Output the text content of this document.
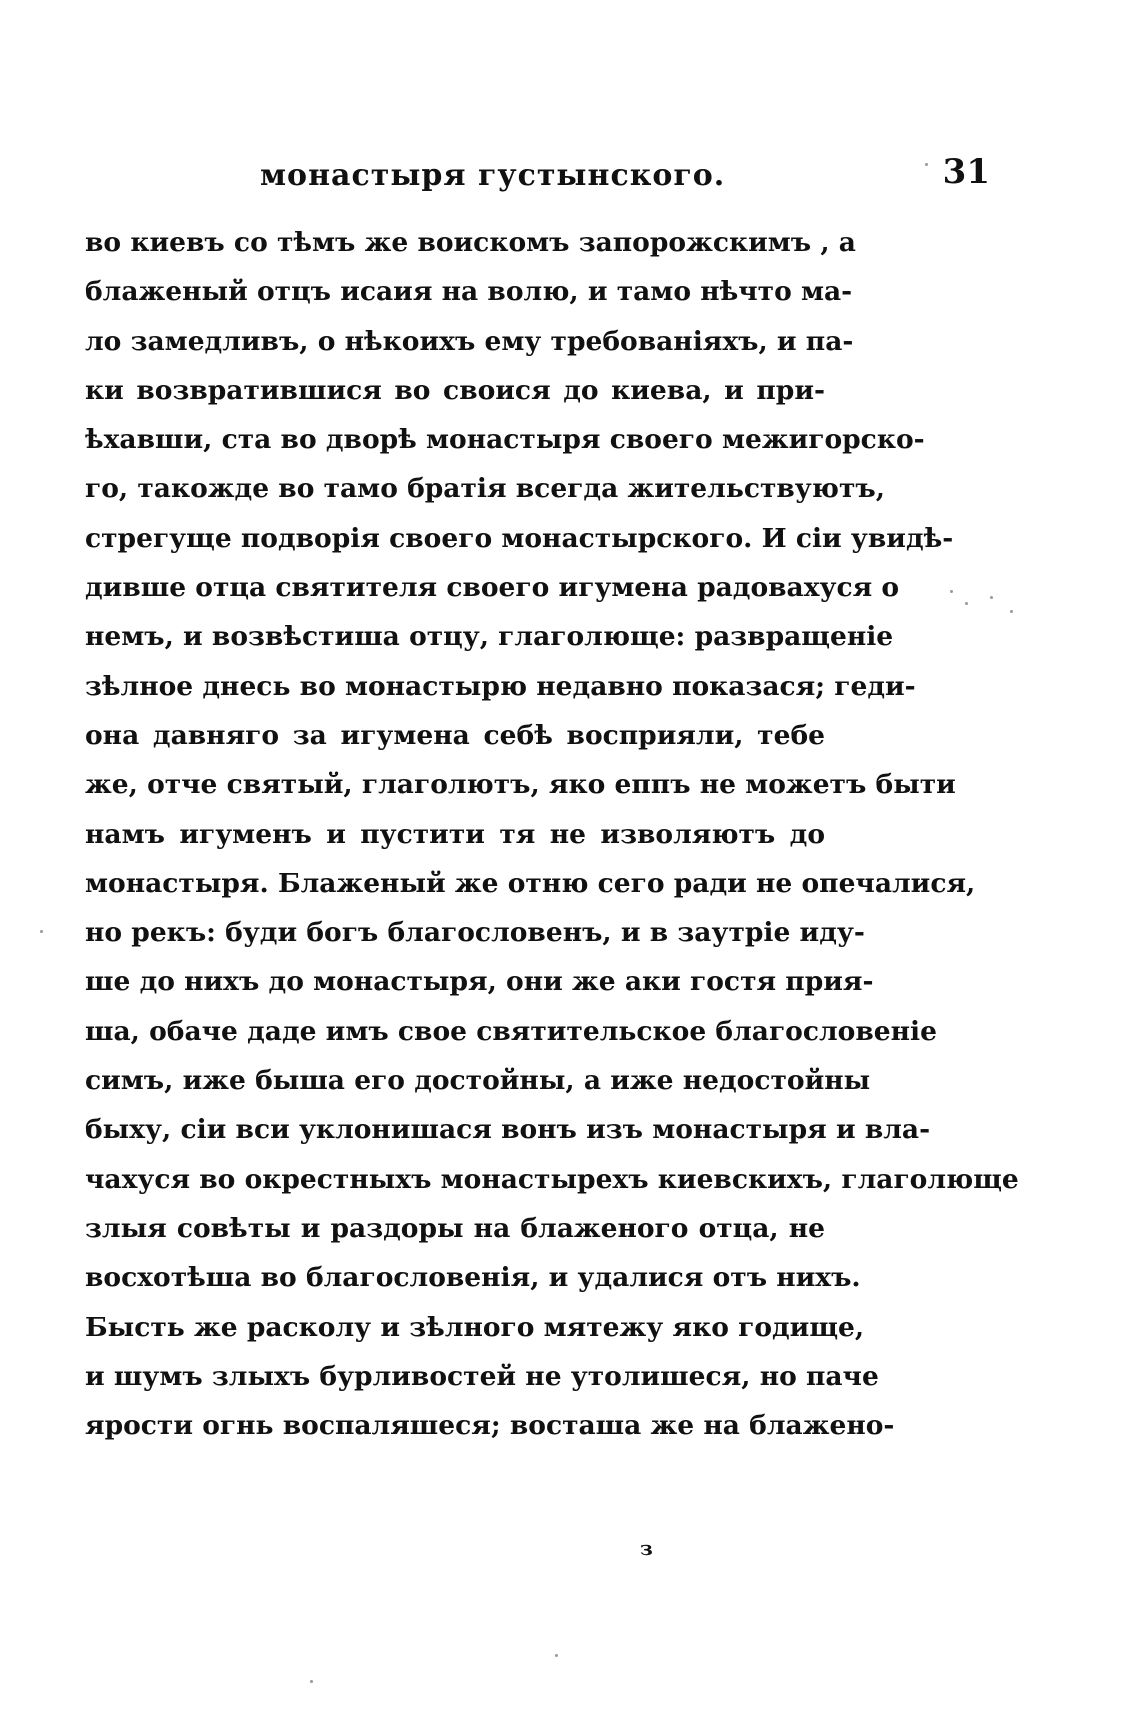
монастыря густынского.	31
во киевъ со тѣмъ же воискомъ запорожскимъ , а
блаженый отцъ исаия на волю, и тамо нѣчто ма-
ло замедливъ, о нѣкоихъ ему требованiяхъ, и па-
ки возвратившися во своися до киева, и при-
ѣхавши, ста во дворѣ монастыря своего межигорско-
го, такожде во тамо братiя всегда жительствуютъ,
стрегуще подворiя своего монастырского. И сiи увидѣ-
дивше отца святителя своего игумена радовахуся о
немъ, и возвѣстиша отцу, глаголюще: развращенiе
зѣлное днесь во монастырю недавно показася; геди-
она давняго за игумена себѣ восприяли, тебе
же, отче святый, глаголютъ, яко еппъ не можетъ быти
намъ игуменъ и пустити тя не изволяютъ до
монастыря. Блаженый же отню сего ради не опечалися,
но рекъ: буди богъ благословенъ, и в заутрiе иду-
ше до нихъ до монастыря, они же аки гостя прия-
ша, обаче даде имъ свое святительское благословенiе
симъ, иже быша его достойны, а иже недостойны
быху, сiи вси уклонишася вонъ изъ монастыря и вла-
чахуся во окрестныхъ монастырехъ киевскихъ, глаголюще
злыя совѣты и раздоры на блаженого отца, не
восхотѣша во благословенiя, и удалися отъ нихъ.
Бысть же расколу и зѣлного мятежу яко годище,
и шумъ злыхъ бурливостей не утолишеся, но паче
ярости огнь воспаляшеся; восташа же на блажено-
з
